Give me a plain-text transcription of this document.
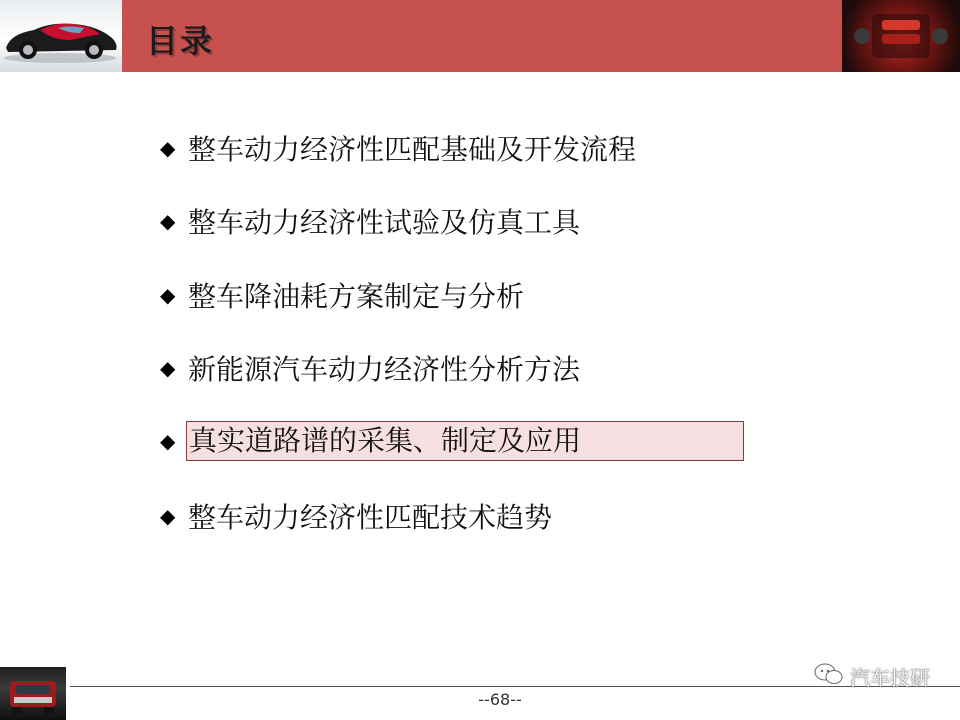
目录
◆ 整车动力经济性匹配基础及开发流程
◆ 整车动力经济性试验及仿真工具
◆ 整车降油耗方案制定与分析
◆ 新能源汽车动力经济性分析方法
◆ 真实道路谱的采集、制定及应用
◆ 整车动力经济性匹配技术趋势
--68--
汽车技研
